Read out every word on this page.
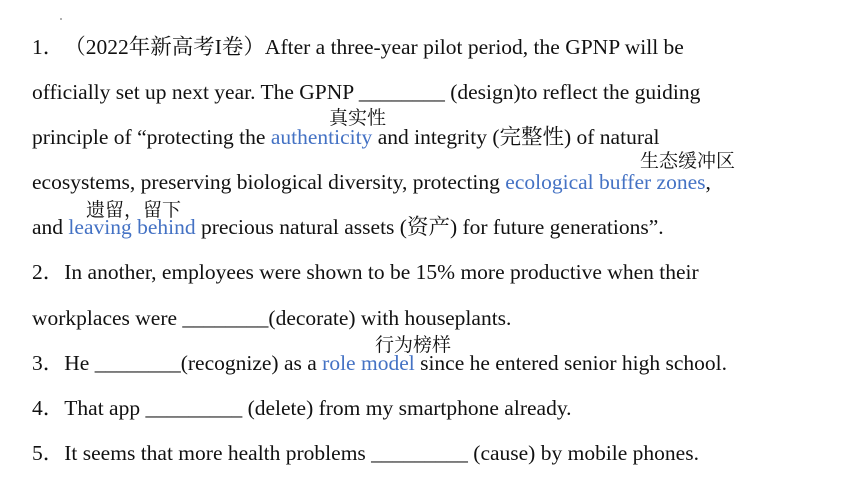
1．（2022年新高考I卷）After a three-year pilot period, the GPNP will be
officially set up next year. The GPNP ________ (design)to reflect the guiding
principle of “protecting the authenticity and integrity (完整性) of natural
ecosystems, preserving biological diversity, protecting ecological buffer zones,
and leaving behind precious natural assets (资产) for future generations”.
2．In another, employees were shown to be 15% more productive when their
workplaces were ________(decorate) with houseplants.
3．He ________(recognize) as a role model since he entered senior high school.
4．That app _________ (delete) from my smartphone already.
5．It seems that more health problems _________ (cause) by mobile phones.
真实性
生态缓冲区
遗留，留下
行为榜样
